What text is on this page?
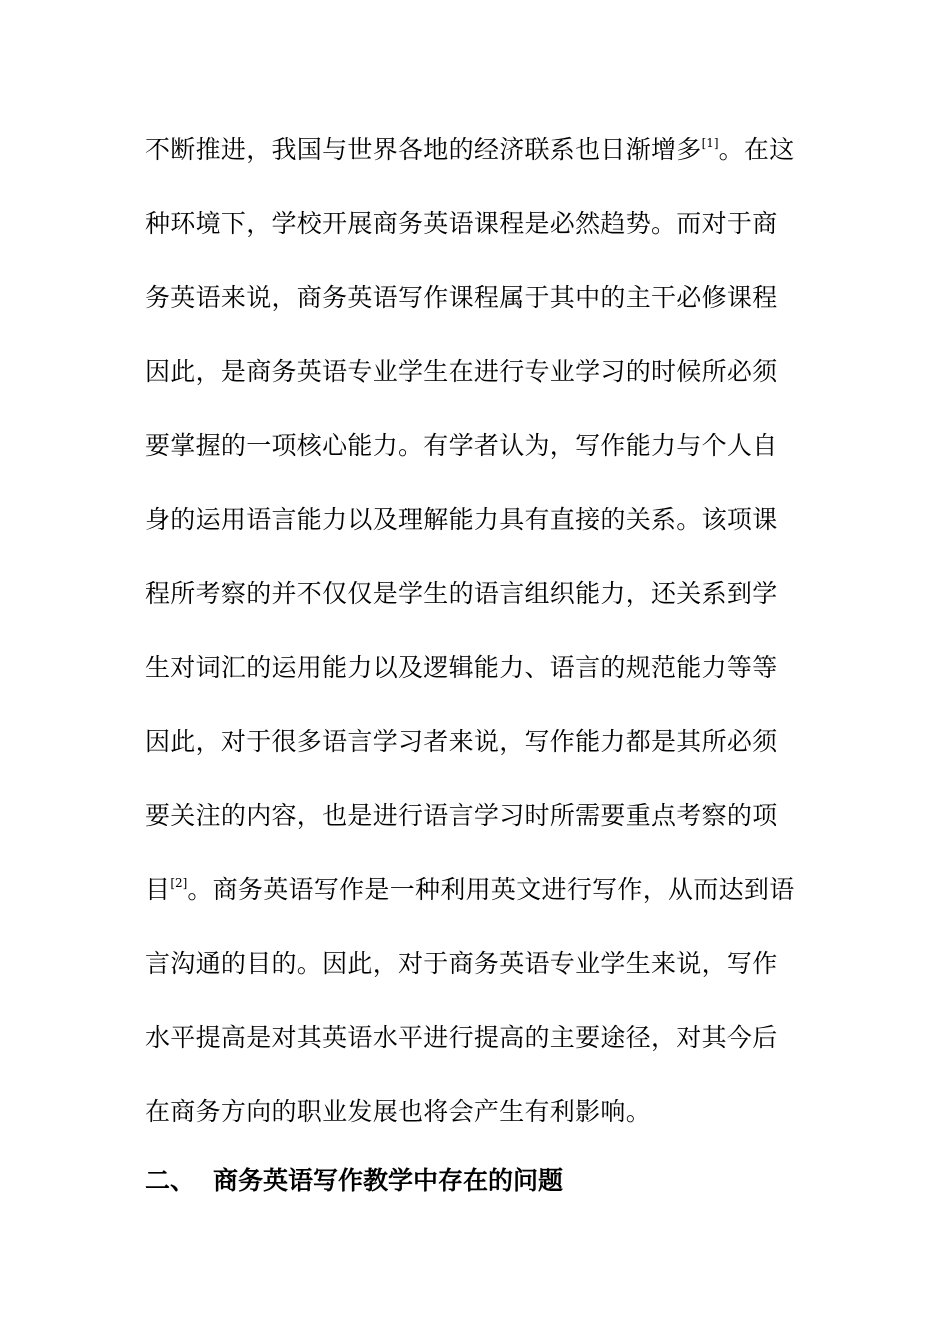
不断推进，我国与世界各地的经济联系也日渐增多[1]。在这
种环境下，学校开展商务英语课程是必然趋势。而对于商
务英语来说，商务英语写作课程属于其中的主干必修课程
因此，是商务英语专业学生在进行专业学习的时候所必须
要掌握的一项核心能力。有学者认为，写作能力与个人自
身的运用语言能力以及理解能力具有直接的关系。该项课
程所考察的并不仅仅是学生的语言组织能力，还关系到学
生对词汇的运用能力以及逻辑能力、语言的规范能力等等
因此，对于很多语言学习者来说，写作能力都是其所必须
要关注的内容，也是进行语言学习时所需要重点考察的项
目[2]。商务英语写作是一种利用英文进行写作，从而达到语
言沟通的目的。因此，对于商务英语专业学生来说，写作
水平提高是对其英语水平进行提高的主要途径，对其今后
在商务方向的职业发展也将会产生有利影响。
二、 商务英语写作教学中存在的问题
